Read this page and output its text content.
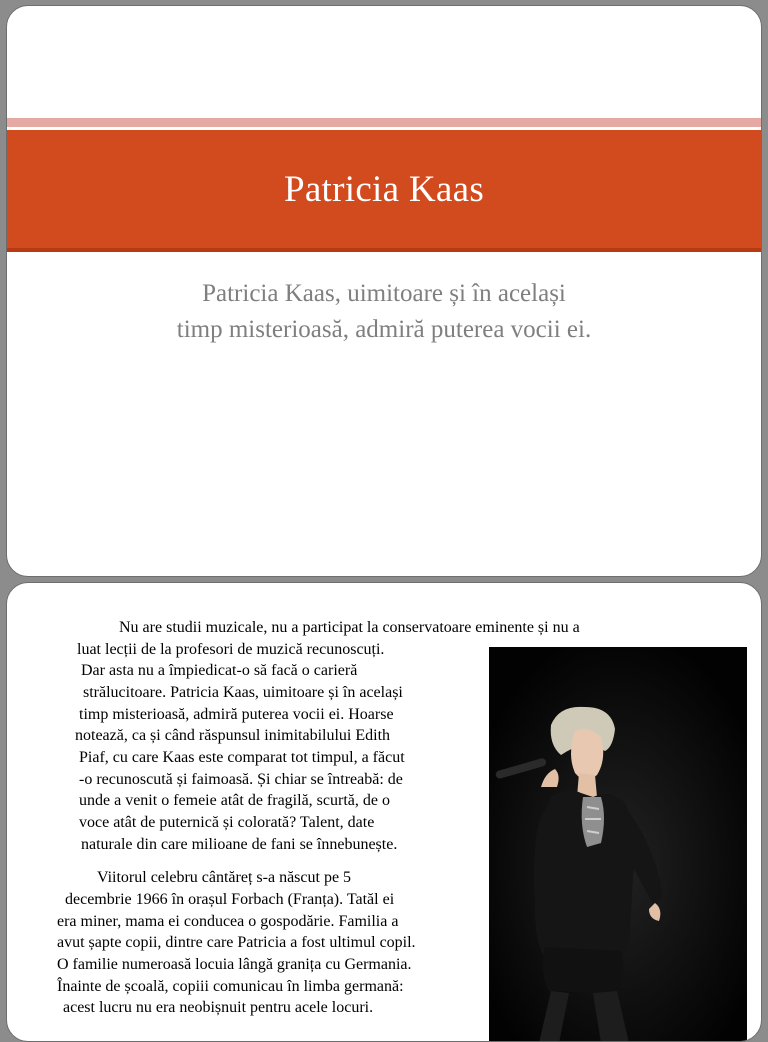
Patricia Kaas
Patricia Kaas, uimitoare și în același
timp misterioasă, admiră puterea vocii ei.
Nu are studii muzicale, nu a participat la conservatoare eminente și nu a
luat lecții de la profesori de muzică recunoscuți.
Dar asta nu a împiedicat-o să facă o carieră
strălucitoare. Patricia Kaas, uimitoare și în același
timp misterioasă, admiră puterea vocii ei. Hoarse
notează, ca și când răspunsul inimitabilului Edith
Piaf, cu care Kaas este comparat tot timpul, a făcut
-o recunoscută și faimoasă. Și chiar se întreabă: de
unde a venit o femeie atât de fragilă, scurtă, de o
voce atât de puternică și colorată? Talent, date
naturale din care milioane de fani se înnebunește.
Viitorul celebru cântăreț s-a născut pe 5
decembrie 1966 în orașul Forbach (Franța). Tatăl ei
era miner, mama ei conducea o gospodărie. Familia a
avut șapte copii, dintre care Patricia a fost ultimul copil.
O familie numeroasă locuia lângă granița cu Germania.
Înainte de școală, copiii comunicau în limba germană:
acest lucru nu era neobișnuit pentru acele locuri.
